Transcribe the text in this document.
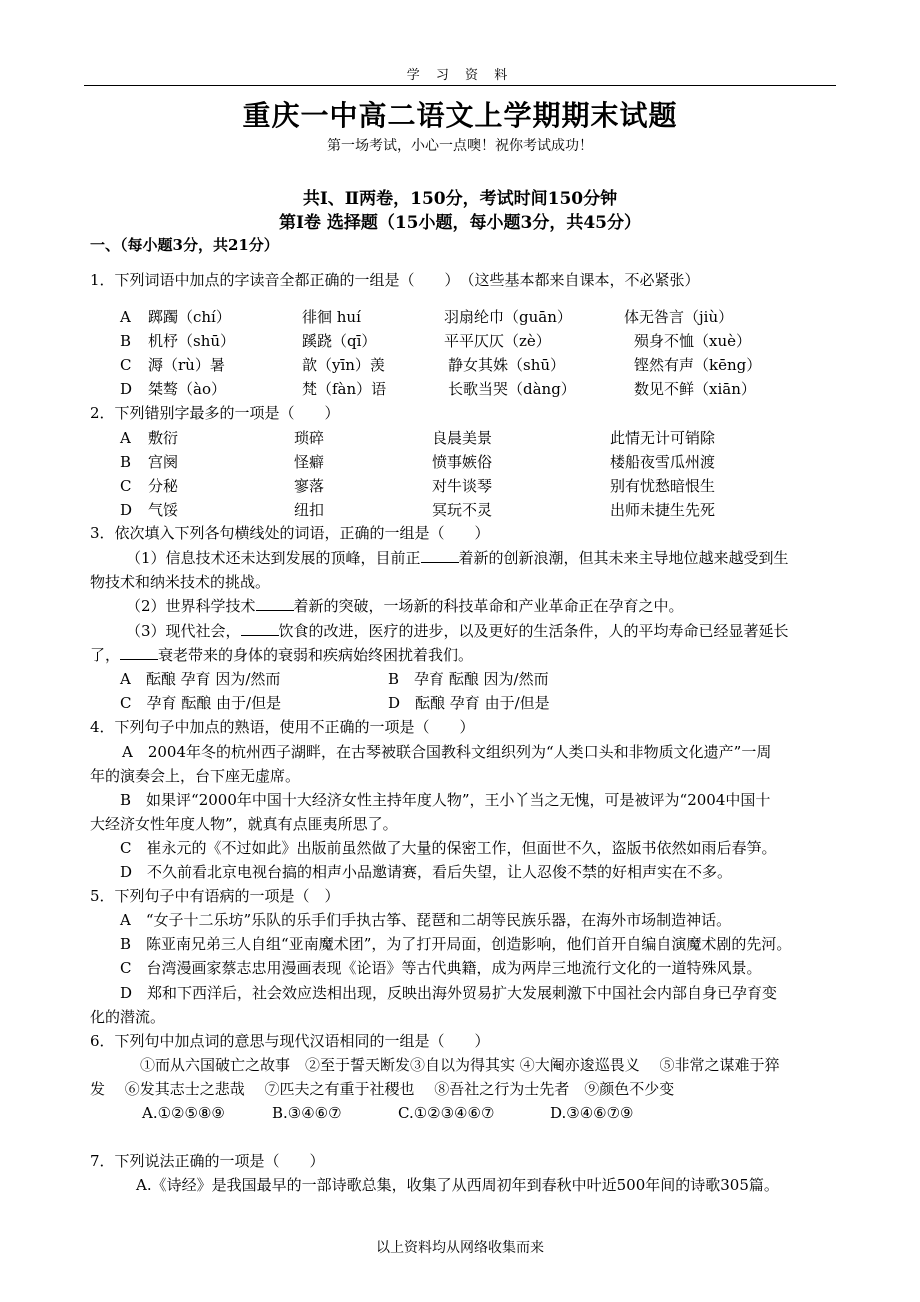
学 习 资 料
重庆一中高二语文上学期期末试题
第一场考试，小心一点噢！祝你考试成功！
共Ⅰ、Ⅱ两卷，150分，考试时间150分钟
第Ⅰ卷 选择题（15小题，每小题3分，共45分）
一、（每小题3分，共21分）
1．下列词语中加点的字读音全都正确的一组是（　　）　（这些基本都来自课本，不必紧张）
A 踯躅（chí）	徘徊 huí	羽扇纶巾（guān）	体无咎言（jiù）
B 机杼（shū）	蹊跷（qī）	平平仄仄（zè）	殒身不恤（xuè）
C 溽（rù）暑	歆（yīn）羡	静女其姝（shū）	铿然有声（kēng）
D 桀骜（ào）	梵（fàn）语	长歌当哭（dàng）	数见不鲜（xiān）
2．下列错别字最多的一项是（　　）
A 敷衍	琐碎	良晨美景	此情无计可销除
B 宫阕	怪癖	愤事嫉俗	楼船夜雪瓜州渡
C 分秘	寥落	对牛谈琴	别有忧愁暗恨生
D 气馁	纽扣	冥玩不灵	出师未捷生先死
3．依次填入下列各句横线处的词语，正确的一组是（　　）
（1）信息技术还未达到发展的顶峰，目前正	着新的创新浪潮，但其未来主导地位越来越受到生
物技术和纳米技术的挑战。
（2）世界科学技术	着新的突破，一场新的科技革命和产业革命正在孕育之中。
（3）现代社会，	饮食的改进，医疗的进步，以及更好的生活条件，人的平均寿命已经显著延长
了，	衰老带来的身体的衰弱和疾病始终困扰着我们。
A　酝酿 孕育 因为/然而	B　孕育 酝酿 因为/然而
C　孕育 酝酿 由于/但是	D　酝酿 孕育 由于/但是
4．下列句子中加点的熟语，使用不正确的一项是（　　）
A　2004年冬的杭州西子湖畔，在古琴被联合国教科文组织列为“人类口头和非物质文化遗产”一周
年的演奏会上，台下座无虚席。
B　如果评“2000年中国十大经济女性主持年度人物”，王小丫当之无愧，可是被评为“2004中国十
大经济女性年度人物”，就真有点匪夷所思了。
C　崔永元的《不过如此》出版前虽然做了大量的保密工作，但面世不久，盗版书依然如雨后春笋。
D　不久前看北京电视台搞的相声小品邀请赛，看后失望，让人忍俊不禁的好相声实在不多。
5．下列句子中有语病的一项是（　）
A　“女子十二乐坊”乐队的乐手们手执古筝、琵琶和二胡等民族乐器，在海外市场制造神话。
B　陈亚南兄弟三人自组“亚南魔术团”，为了打开局面，创造影响，他们首开自编自演魔术剧的先河。
C　台湾漫画家蔡志忠用漫画表现《论语》等古代典籍，成为两岸三地流行文化的一道特殊风景。
D　郑和下西洋后，社会效应迭相出现，反映出海外贸易扩大发展刺激下中国社会内部自身已孕育变
化的潜流。
6．下列句中加点词的意思与现代汉语相同的一组是（　　）
①而从六国破亡之故事　②至于誓天断发③自以为得其实 ④大阉亦逡巡畏义　 ⑤非常之谋难于猝
发　 ⑥发其志士之悲哉　 ⑦匹夫之有重于社稷也　 ⑧吾社之行为士先者　⑨颜色不少变
A.①②⑤⑧⑨	B.③④⑥⑦	C.①②③④⑥⑦	D.③④⑥⑦⑨
7．下列说法正确的一项是（　　）
A.《诗经》是我国最早的一部诗歌总集，收集了从西周初年到春秋中叶近500年间的诗歌305篇。
以上资料均从网络收集而来
